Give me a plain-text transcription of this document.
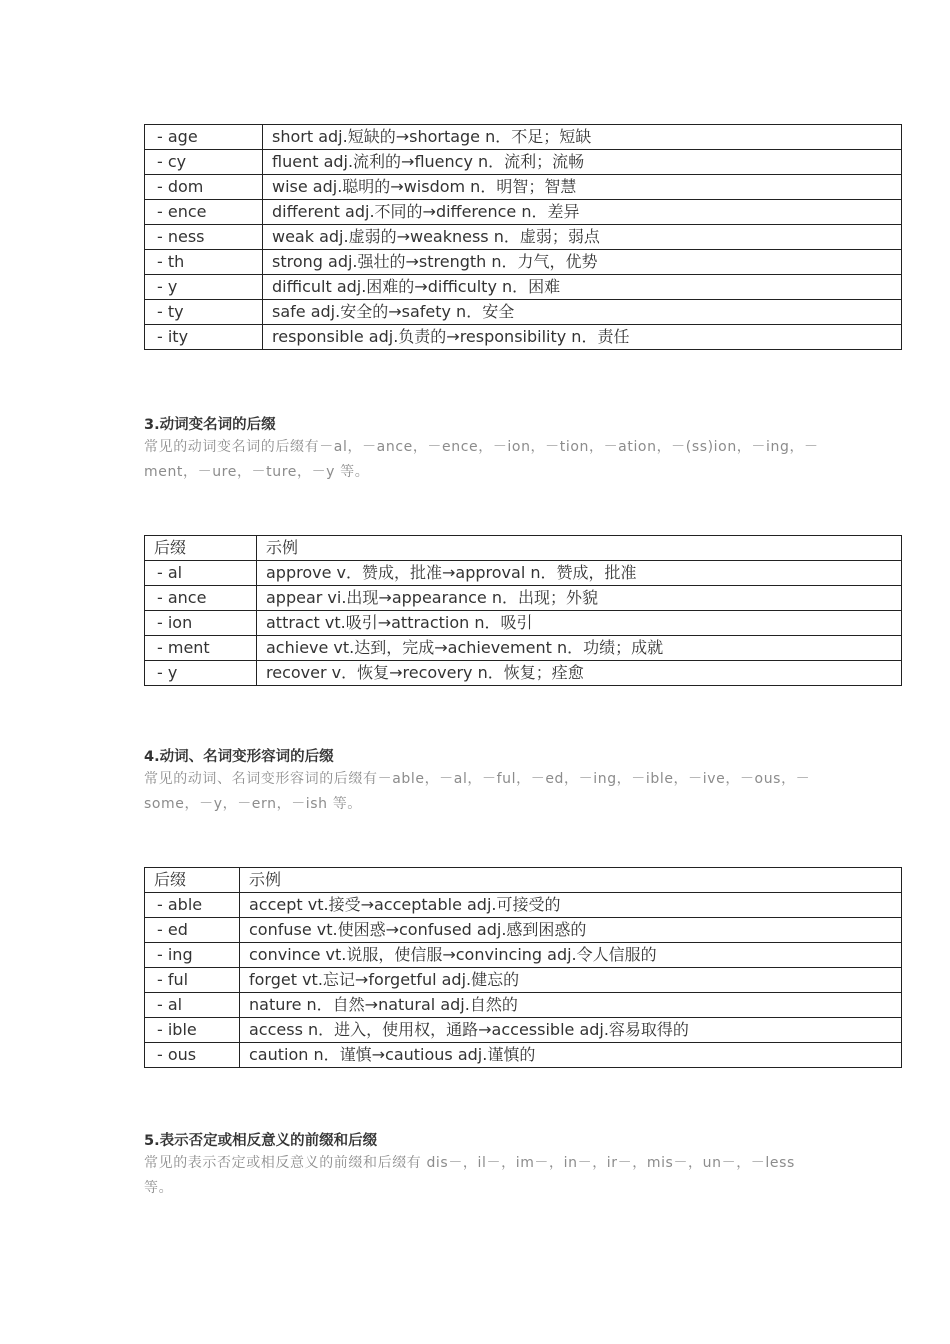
- age	short adj.短缺的→shortage n．不足；短缺
- cy	fluent adj.流利的→fluency n．流利；流畅
- dom	wise adj.聪明的→wisdom n．明智；智慧
- ence	different adj.不同的→difference n．差异
- ness	weak adj.虚弱的→weakness n．虚弱；弱点
- th	strong adj.强壮的→strength n．力气，优势
- y	difficult adj.困难的→difficulty n．困难
- ty	safe adj.安全的→safety n．安全
- ity	responsible adj.负责的→responsibility n．责任
3.动词变名词的后缀

常见的动词变名词的后缀有－al，－ance，－ence，－ion，－tion，－ation，－(ss)ion，－ing，－ment，－ure，－ture，－y 等。

后缀	示例
- al	approve v．赞成，批准→approval n．赞成，批准
- ance	appear vi.出现→appearance n．出现；外貌
- ion	attract vt.吸引→attraction n．吸引
- ment	achieve vt.达到，完成→achievement n．功绩；成就
- y	recover v．恢复→recovery n．恢复；痊愈
4.动词、名词变形容词的后缀

常见的动词、名词变形容词的后缀有－able，－al，－ful，－ed，－ing，－ible，－ive，－ous，－some，－y，－ern，－ish 等。

后缀	示例
- able	accept vt.接受→acceptable adj.可接受的
- ed	confuse vt.使困惑→confused adj.感到困惑的
- ing	convince vt.说服，使信服→convincing adj.令人信服的
- ful	forget vt.忘记→forgetful adj.健忘的
- al	nature n．自然→natural adj.自然的
- ible	access n．进入，使用权，通路→accessible adj.容易取得的
- ous	caution n．谨慎→cautious adj.谨慎的
5.表示否定或相反意义的前缀和后缀

常见的表示否定或相反意义的前缀和后缀有 dis－，il－，im－，in－，ir－，mis－，un－，－less 等。
